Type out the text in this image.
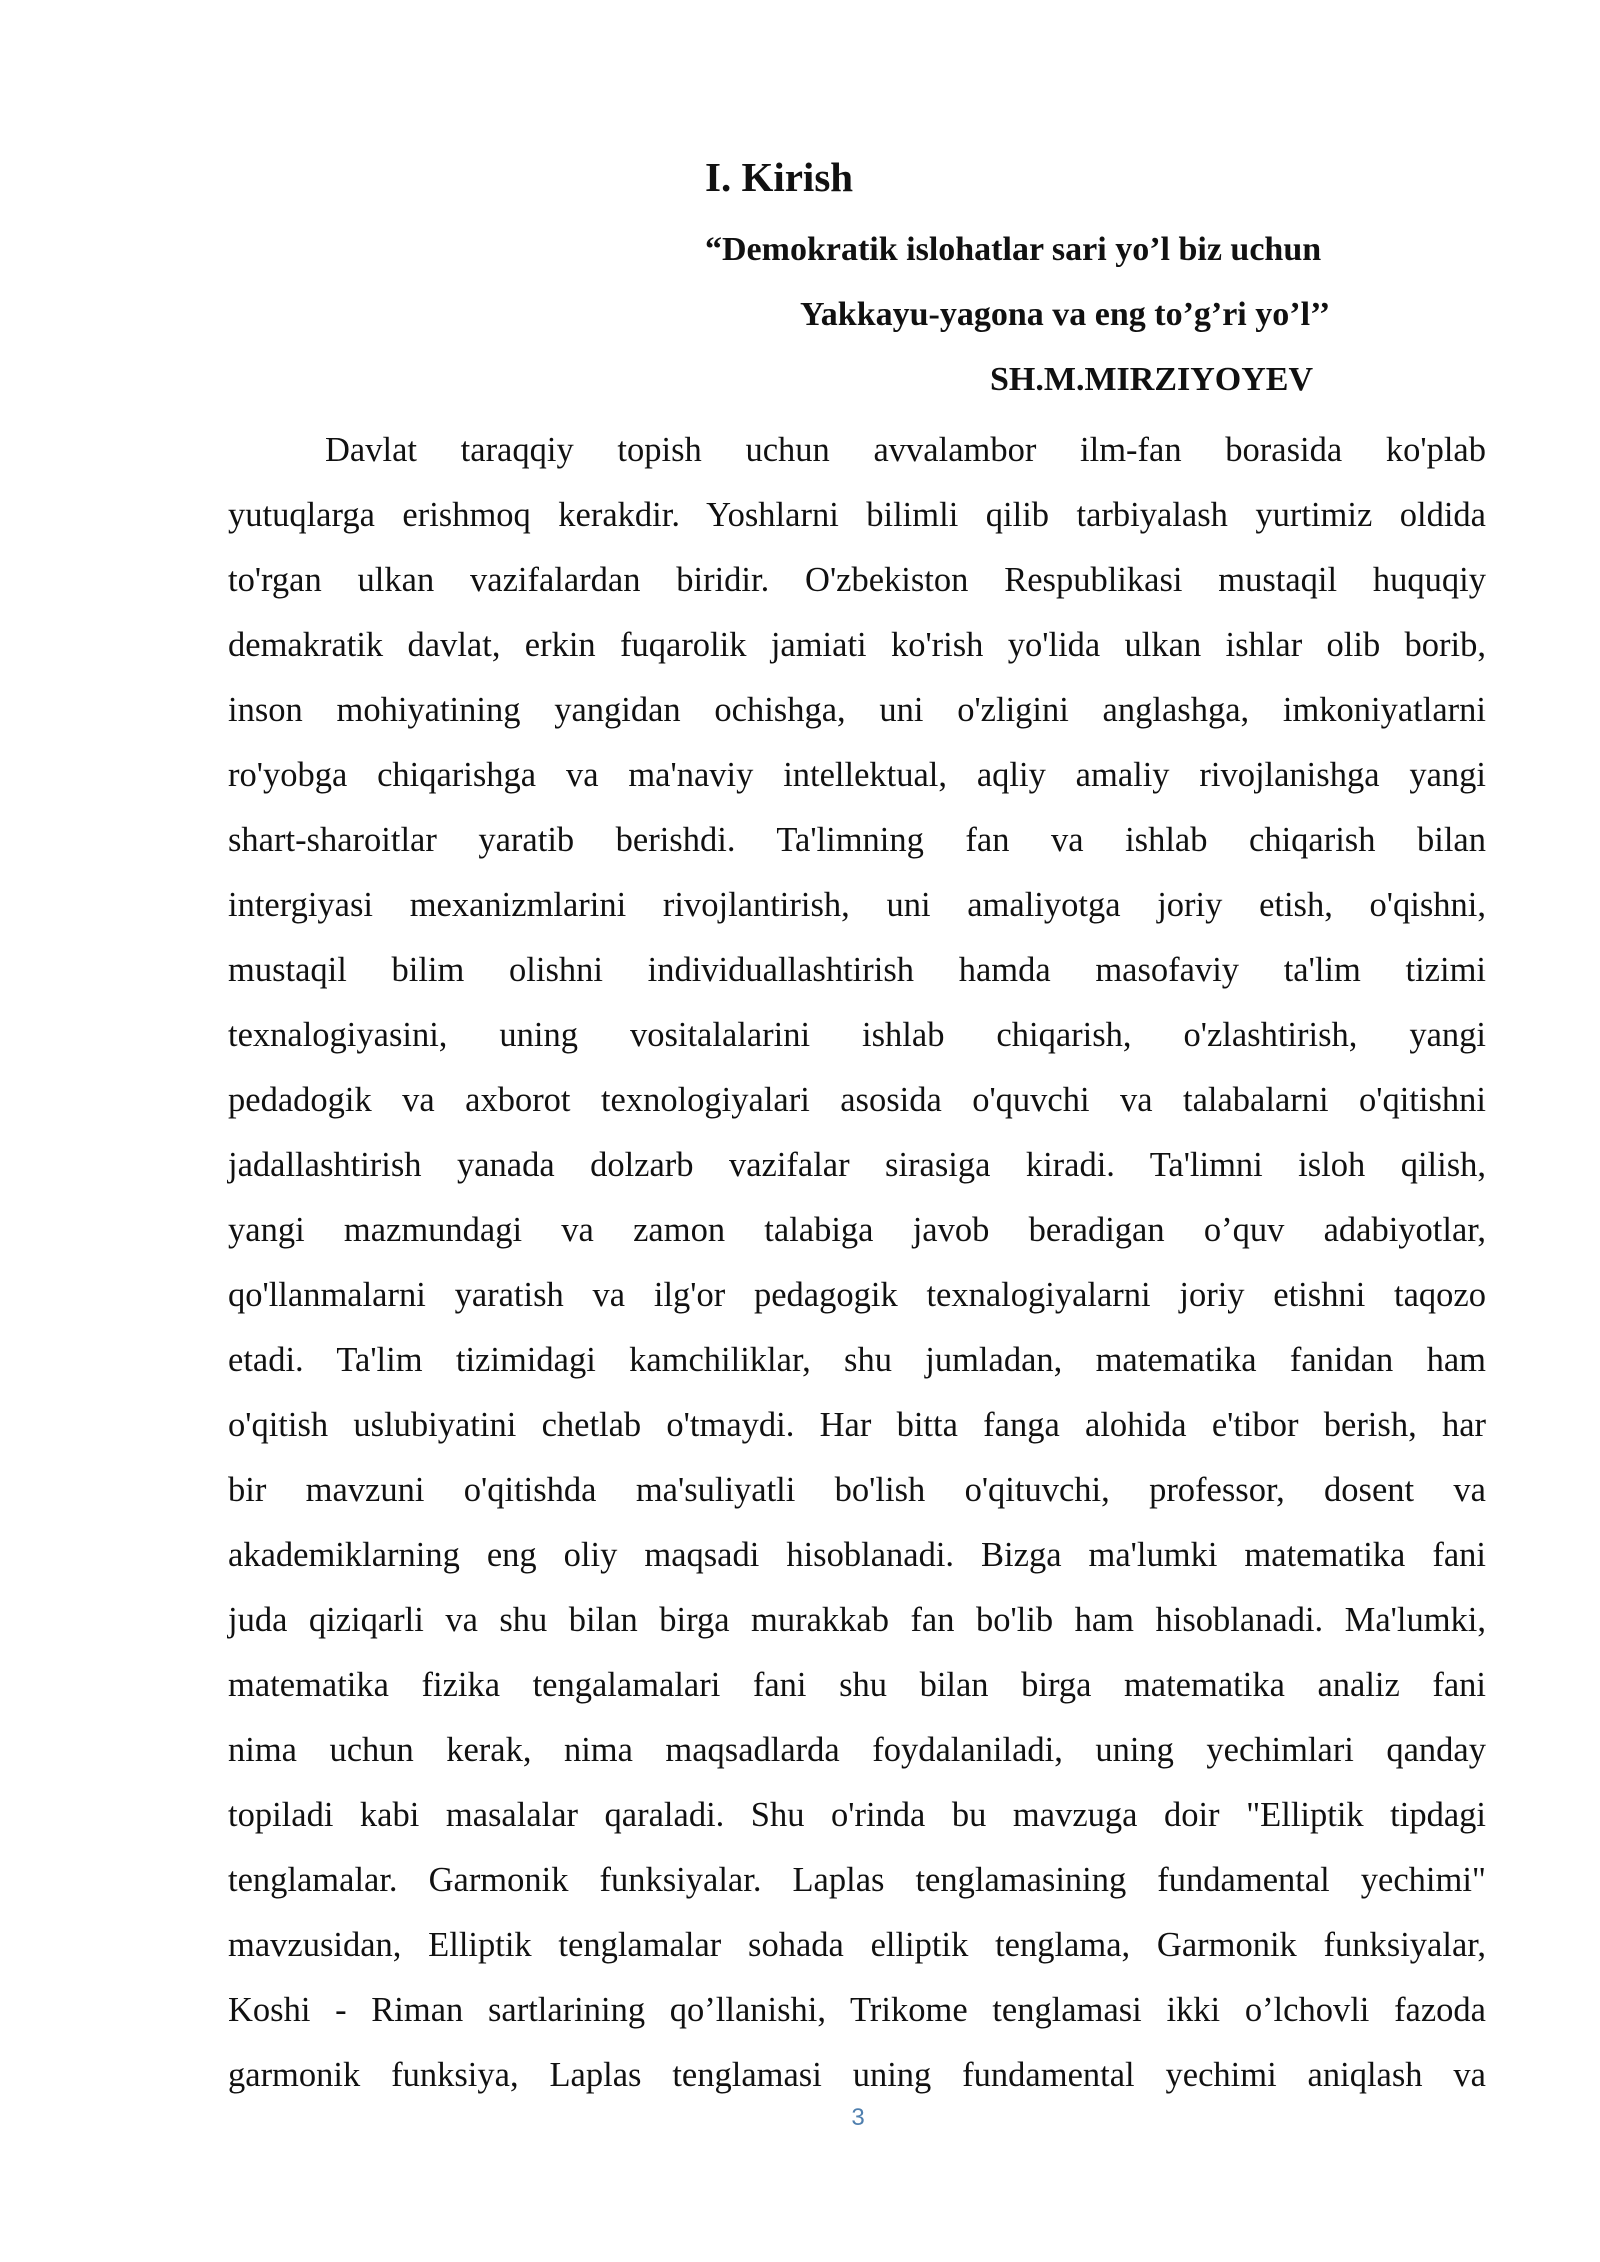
I. Kirish
“Demokratik islohatlar sari yo’l biz uchun
Yakkayu-yagona va eng to’g’ri yo’l’’
SH.M.MIRZIYOYEV
Davlat taraqqiy topish uchun avvalambor ilm-fan borasida ko'plab
yutuqlarga erishmoq kerakdir. Yoshlarni bilimli qilib tarbiyalash yurtimiz oldida
to'rgan ulkan vazifalardan biridir. O'zbekiston Respublikasi mustaqil huquqiy
demakratik davlat, erkin fuqarolik jamiati ko'rish yo'lida ulkan ishlar olib borib,
inson mohiyatining yangidan ochishga, uni o'zligini anglashga, imkoniyatlarni
ro'yobga chiqarishga va ma'naviy intellektual, aqliy amaliy rivojlanishga yangi
shart-sharoitlar yaratib berishdi. Ta'limning fan va ishlab chiqarish bilan
intergiyasi mexanizmlarini rivojlantirish, uni amaliyotga joriy etish, o'qishni,
mustaqil bilim olishni individuallashtirish hamda masofaviy ta'lim tizimi
texnalogiyasini, uning vositalalarini ishlab chiqarish, o'zlashtirish, yangi
pedadogik va axborot texnologiyalari asosida o'quvchi va talabalarni o'qitishni
jadallashtirish yanada dolzarb vazifalar sirasiga kiradi. Ta'limni isloh qilish,
yangi mazmundagi va zamon talabiga javob beradigan o’quv adabiyotlar,
qo'llanmalarni yaratish va ilg'or pedagogik texnalogiyalarni joriy etishni taqozo
etadi. Ta'lim tizimidagi kamchiliklar, shu jumladan, matematika fanidan ham
o'qitish uslubiyatini chetlab o'tmaydi. Har bitta fanga alohida e'tibor berish, har
bir mavzuni o'qitishda ma'suliyatli bo'lish o'qituvchi, professor, dosent va
akademiklarning eng oliy maqsadi hisoblanadi. Bizga ma'lumki matematika fani
juda qiziqarli va shu bilan birga murakkab fan bo'lib ham hisoblanadi. Ma'lumki,
matematika fizika tengalamalari fani shu bilan birga matematika analiz fani
nima uchun kerak, nima maqsadlarda foydalaniladi, uning yechimlari qanday
topiladi kabi masalalar qaraladi. Shu o'rinda bu mavzuga doir "Elliptik tipdagi
tenglamalar. Garmonik funksiyalar. Laplas tenglamasining fundamental yechimi"
mavzusidan, Elliptik tenglamalar sohada elliptik tenglama, Garmonik funksiyalar,
Koshi - Riman sartlarining qo’llanishi, Trikome tenglamasi ikki o’lchovli fazoda
garmonik funksiya, Laplas tenglamasi uning fundamental yechimi aniqlash va
3
